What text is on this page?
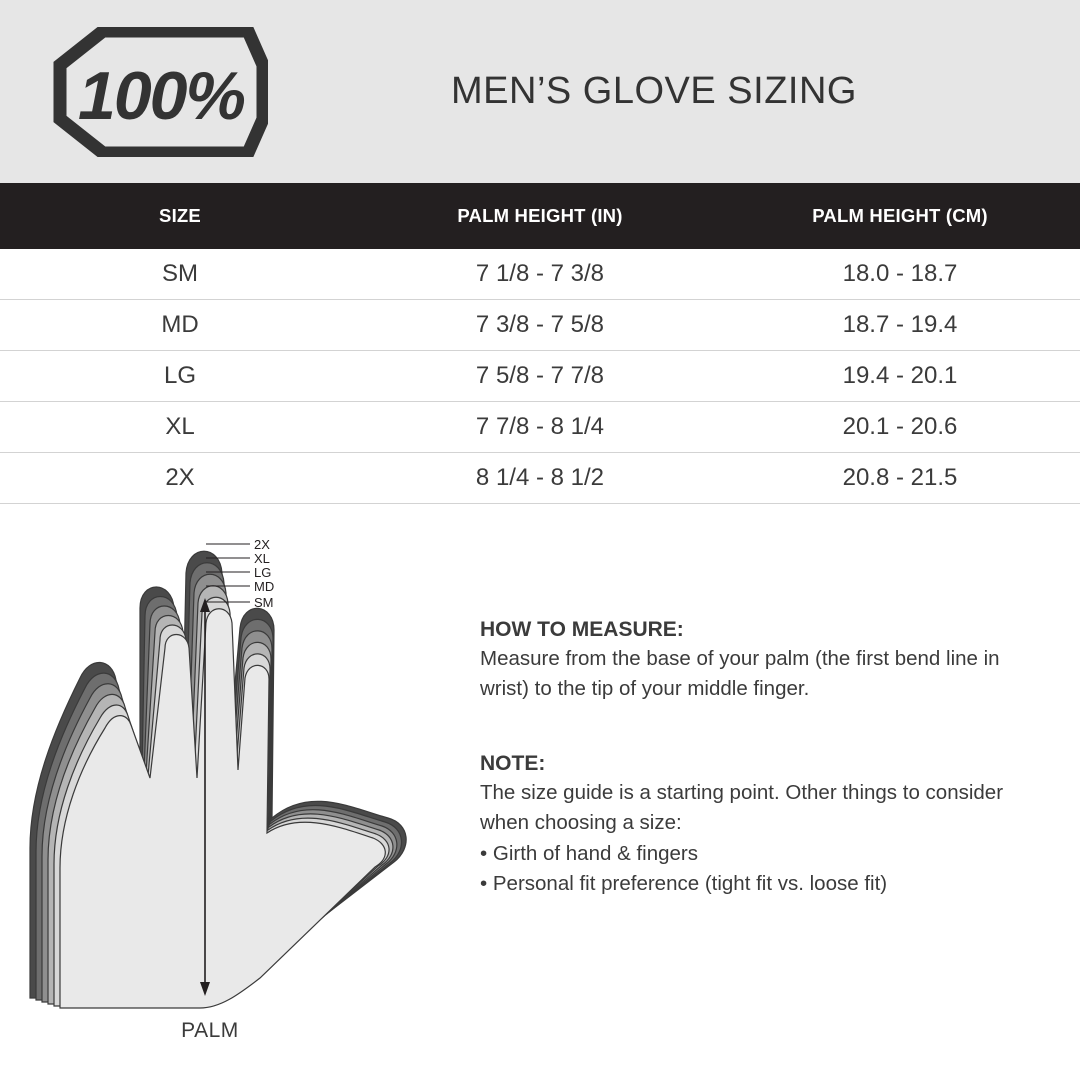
100%	MEN’S GLOVE SIZING
SIZE	PALM HEIGHT (IN)	PALM HEIGHT (CM)
SM	7 1/8 - 7 3/8	18.0 - 18.7
MD	7 3/8 - 7 5/8	18.7 - 19.4
LG	7 5/8 - 7 7/8	19.4 - 20.1
XL	7 7/8 - 8 1/4	20.1 - 20.6
2X	8 1/4 - 8 1/2	20.8 - 21.5
2X
XL
LG
MD
SM
PALM
HOW TO MEASURE:

Measure from the base of your palm (the first bend line in wrist) to the tip of your middle finger.

NOTE:

The size guide is a starting point. Other things to consider when choosing a size:

• Girth of hand & fingers
• Personal fit preference (tight fit vs. loose fit)
